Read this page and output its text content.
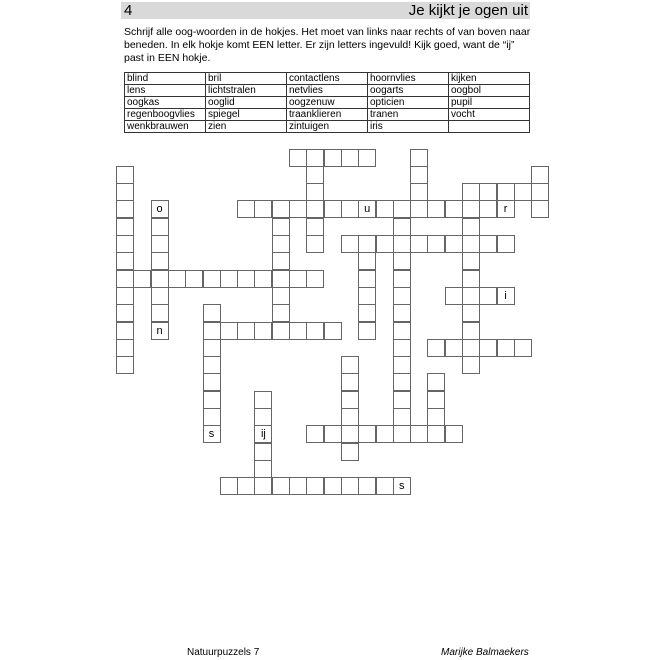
4	Je kijkt je ogen uit
Schrijf alle oog-woorden in de hokjes. Het moet van links naar rechts of van boven naar beneden. In elk hokje komt EEN letter. Er zijn letters ingevuld! Kijk goed, want de “ij” past in EEN hokje.
blind	bril	contactlens	hoornvlies	kijken
lens	lichtstralen	netvlies	oogarts	oogbol
oogkas	ooglid	oogzenuw	opticien	pupil
regenboogvlies	spiegel	traanklieren	tranen	vocht
wenkbrauwen	zien	zintuigen	iris	
u	r
i
s
o
n
s	ij
Natuurpuzzels 7	Marijke Balmaekers
